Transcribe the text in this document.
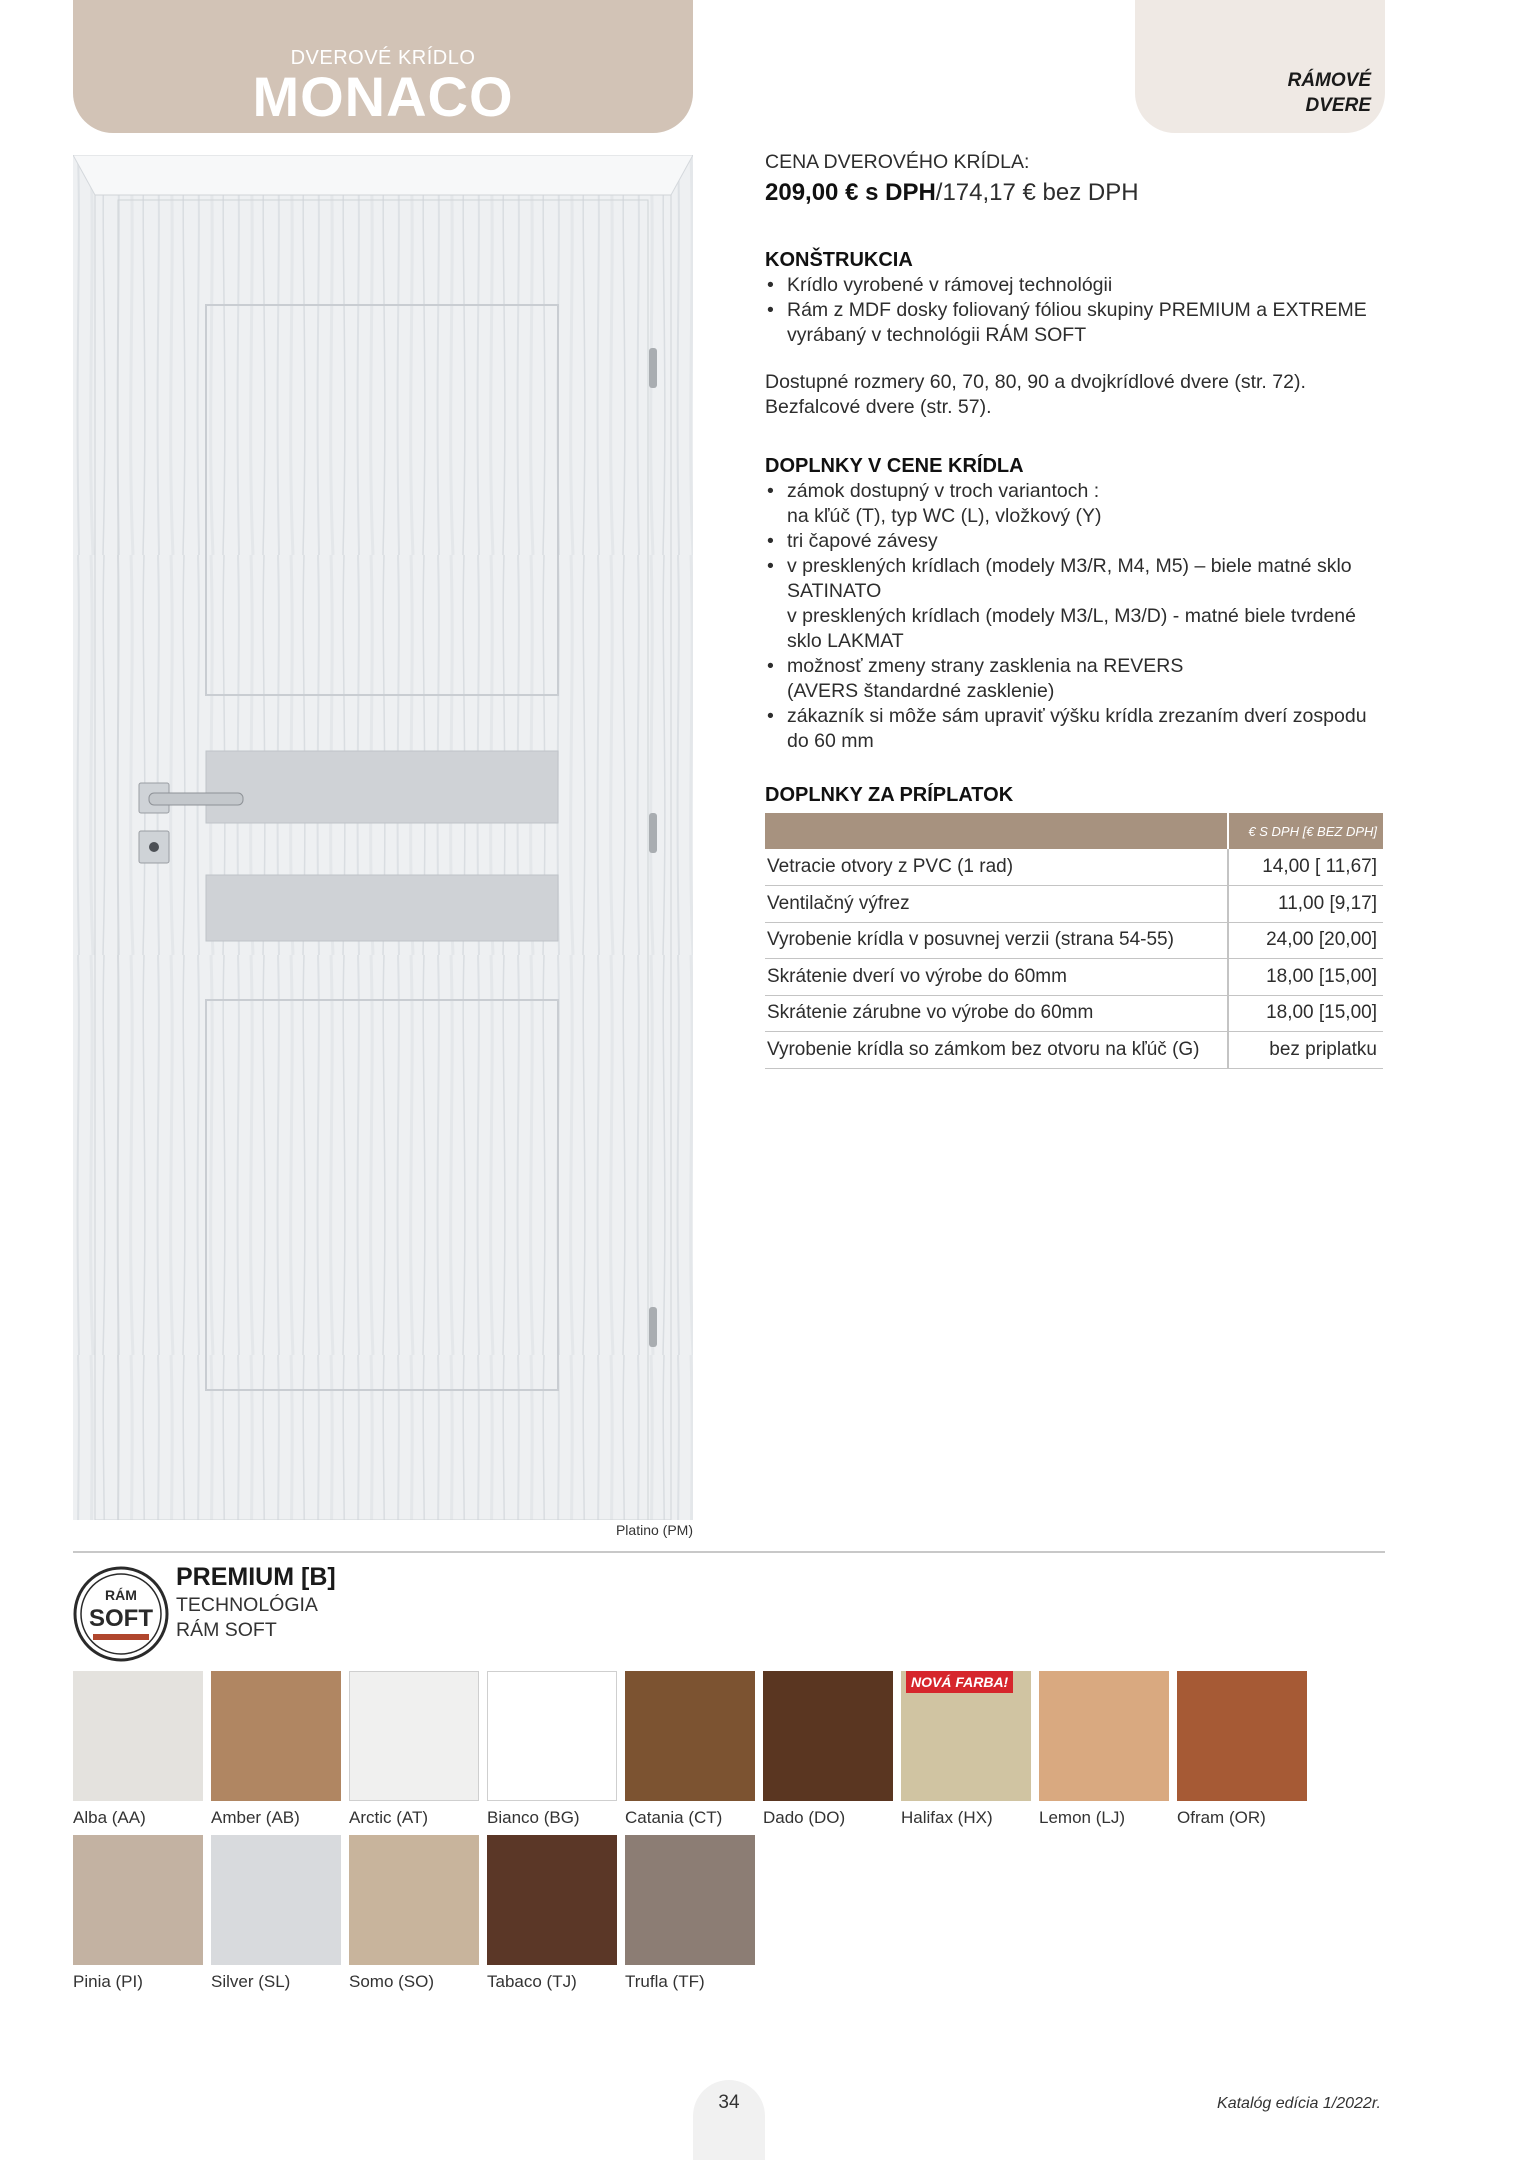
DVEROVÉ KRÍDLO
MONACO	RÁMOVÉ
DVERE
Platino (PM)
CENA DVEROVÉHO KRÍDLA:
209,00 € s DPH/174,17 € bez DPH
KONŠTRUKCIA
• Krídlo vyrobené v rámovej technológii
• Rám z MDF dosky foliovaný fóliou skupiny PREMIUM a EXTREME
vyrábaný v technológii RÁM SOFT
Dostupné rozmery 60, 70, 80, 90 a dvojkrídlové dvere (str. 72).
Bezfalcové dvere (str. 57).
DOPLNKY V CENE KRÍDLA
• zámok dostupný v troch variantoch :
na kľúč (T), typ WC (L), vložkový (Y)
• tri čapové závesy
• v presklených krídlach (modely M3/R, M4, M5) – biele matné sklo
SATINATO
v presklených krídlach (modely M3/L, M3/D) - matné biele tvrdené
sklo LAKMAT
• možnosť zmeny strany zasklenia na REVERS
(AVERS štandardné zasklenie)
• zákazník si môže sám upraviť výšku krídla zrezaním dverí zospodu
do 60 mm
DOPLNKY ZA PRÍPLATOK
	€ S DPH [€ BEZ DPH]
Vetracie otvory z PVC (1 rad)	14,00 [ 11,67]
Ventilačný výfrez	11,00 [9,17]
Vyrobenie krídla v posuvnej verzii (strana 54-55)	24,00 [20,00]
Skrátenie dverí vo výrobe do 60mm	18,00 [15,00]
Skrátenie zárubne vo výrobe do 60mm	18,00 [15,00]
Vyrobenie krídla so zámkom bez otvoru na kľúč (G)	bez priplatku
RÁM
SOFT
PREMIUM [B]
TECHNOLÓGIA
RÁM SOFT
Alba (AA)	Amber (AB)	Arctic (AT)	Bianco (BG)	Catania (CT) Dado (DO)	Halifax (HX)	Lemon (LJ)	Ofram (OR)
Pinia (PI)	Silver (SL)	Somo (SO)	Tabaco (TJ)	Trufla (TF)
NOVÁ FARBA!
34	Katalóg edícia 1/2022r.
